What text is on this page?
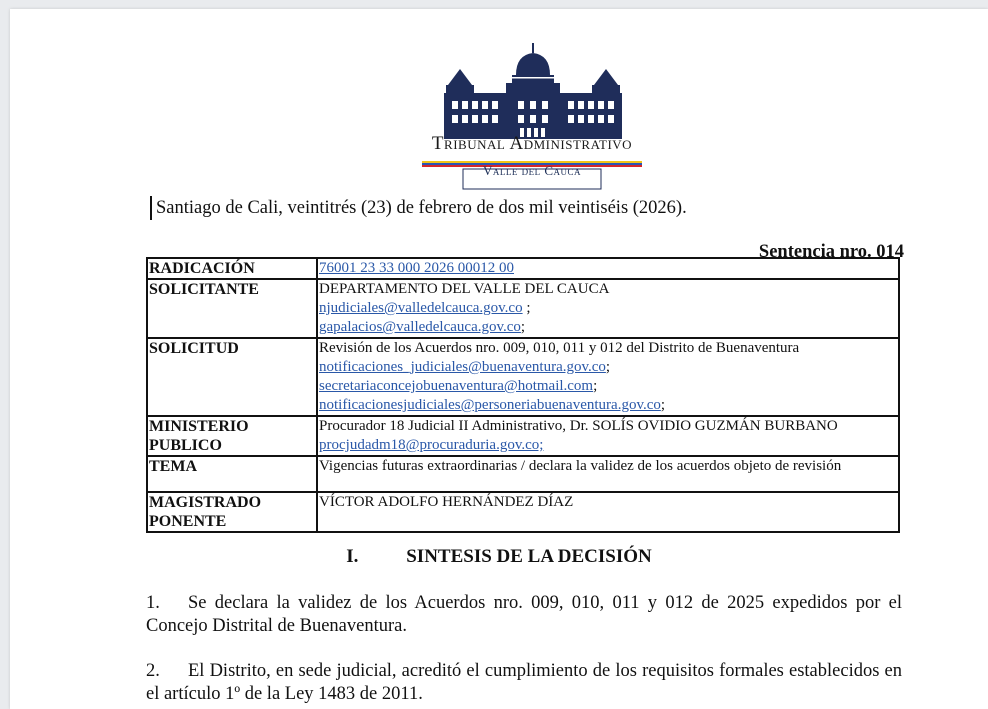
Tribunal Administrativo
Valle del Cauca
Santiago de Cali, veintitrés (23) de febrero de dos mil veintiséis (2026).
Sentencia nro. 014
RADICACIÓN	76001 23 33 000 2026 00012 00

SOLICITANTE	DEPARTAMENTO DEL VALLE DEL CAUCA
njudiciales@valledelcauca.gov.co ;
gapalacios@valledelcauca.gov.co;

SOLICITUD	Revisión de los Acuerdos nro. 009, 010, 011 y 012 del Distrito de Buenaventura
notificaciones_judiciales@buenaventura.gov.co;
secretariaconcejobuenaventura@hotmail.com;
notificacionesjudiciales@personeriabuenaventura.gov.co;

MINISTERIO
PUBLICO	Procurador 18 Judicial II Administrativo, Dr. SOLÍS OVIDIO GUZMÁN BURBANO
procjudadm18@procuraduria.gov.co;

TEMA	Vigencias futuras extraordinarias / declara la validez de los acuerdos objeto de revisión

MAGISTRADO
PONENTE	VÍCTOR ADOLFO HERNÁNDEZ DÍAZ
I.	SINTESIS DE LA DECISIÓN
1. Se declara la validez de los Acuerdos nro. 009, 010, 011 y 012 de 2025 expedidos por el Concejo Distrital de Buenaventura.
2. El Distrito, en sede judicial, acreditó el cumplimiento de los requisitos formales establecidos en el artículo 1º de la Ley 1483 de 2011.
